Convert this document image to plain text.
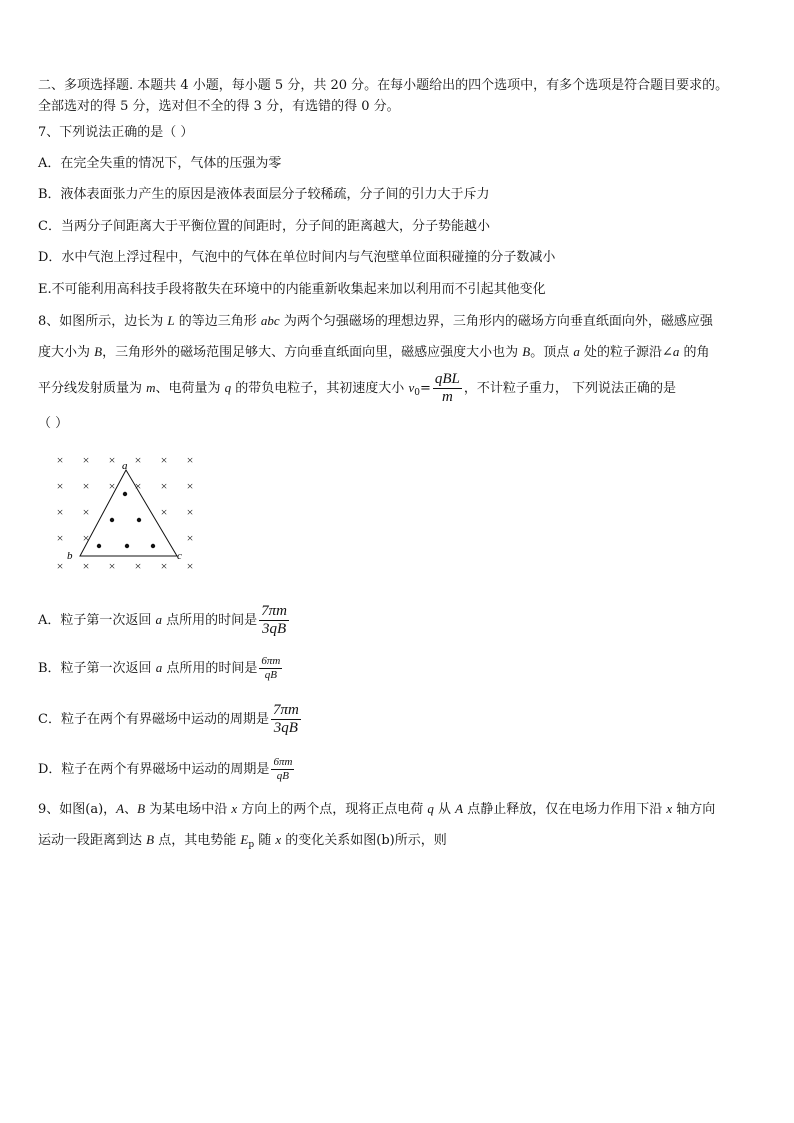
二、多项选择题. 本题共 4 小题，每小题 5 分，共 20 分。在每小题给出的四个选项中，有多个选项是符合题目要求的。
全部选对的得 5 分，选对但不全的得 3 分，有选错的得 0 分。
7、下列说法正确的是（ ）
A．在完全失重的情况下，气体的压强为零
B．液体表面张力产生的原因是液体表面层分子较稀疏，分子间的引力大于斥力
C．当两分子间距离大于平衡位置的间距时，分子间的距离越大，分子势能越小
D．水中气泡上浮过程中，气泡中的气体在单位时间内与气泡壁单位面积碰撞的分子数减小
E.不可能利用高科技手段将散失在环境中的内能重新收集起来加以利用而不引起其他变化
8、如图所示，边长为 L 的等边三角形 abc 为两个匀强磁场的理想边界，三角形内的磁场方向垂直纸面向外，磁感应强
度大小为 B，三角形外的磁场范围足够大、方向垂直纸面向里，磁感应强度大小也为 B。顶点 a 处的粒子源沿∠a 的角
平分线发射质量为 m、电荷量为 q 的带负电粒子，其初速度大小 $v_0= \frac{\text{qBL}}{m}$ ，不计粒子重力， 下列说法正确的是
（ ）
× × × × × ×
× × × × × ×
× ×	× ×
× ×	×
× × × × × ×
a
b	c
A．粒子第一次返回 a 点所用的时间是 $\frac{7\pi m}{3qB}$
B．粒子第一次返回 a 点所用的时间是 $\frac{6\pi m}{qB}$
C．粒子在两个有界磁场中运动的周期是 $\frac{7\pi m}{3qB}$
D．粒子在两个有界磁场中运动的周期是 $\frac{6\pi m}{qB}$
9、如图(a)，A、B 为某电场中沿 x 方向上的两个点，现将正点电荷 q 从 A 点静止释放，仅在电场力作用下沿 x 轴方向
运动一段距离到达 B 点，其电势能 $E_p$ 随 x 的变化关系如图(b)所示，则
